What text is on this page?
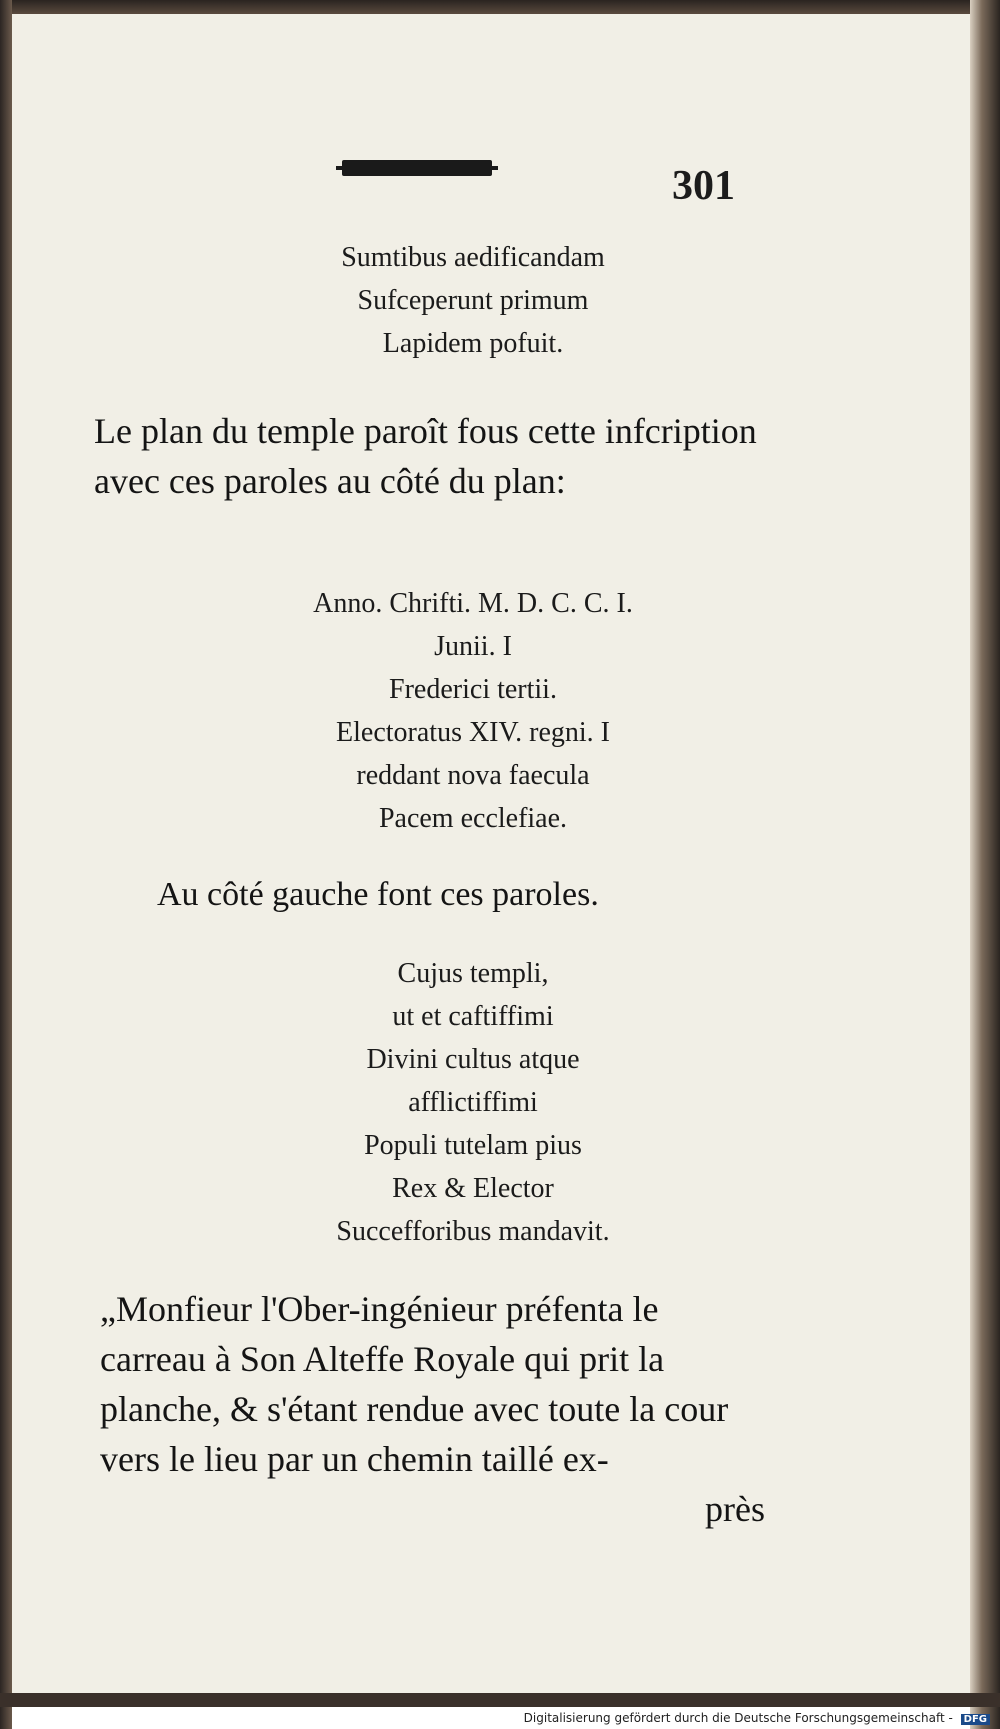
301
Sumtibus aedificandam
Sufceperunt primum
Lapidem pofuit.
Le plan du temple paroît fous cette infcription avec ces paroles au côté du plan:
Anno. Chrifti. M. D. C. C. I.
Junii. I
Frederici tertii.
Electoratus XIV. regni. I
reddant nova faecula
Pacem ecclefiae.
Au côté gauche font ces paroles.
Cujus templi,
ut et caftiffimi
Divini cultus atque
afflictiffimi
Populi tutelam pius
Rex & Elector
Succefforibus mandavit.
„Monfieur l'Ober-ingénieur préfenta le carreau à Son Alteffe Royale qui prit la planche, & s'étant rendue avec toute la cour vers le lieu par un chemin taillé ex-
près
Digitalisierung gefördert durch die Deutsche Forschungsgemeinschaft - DFG
